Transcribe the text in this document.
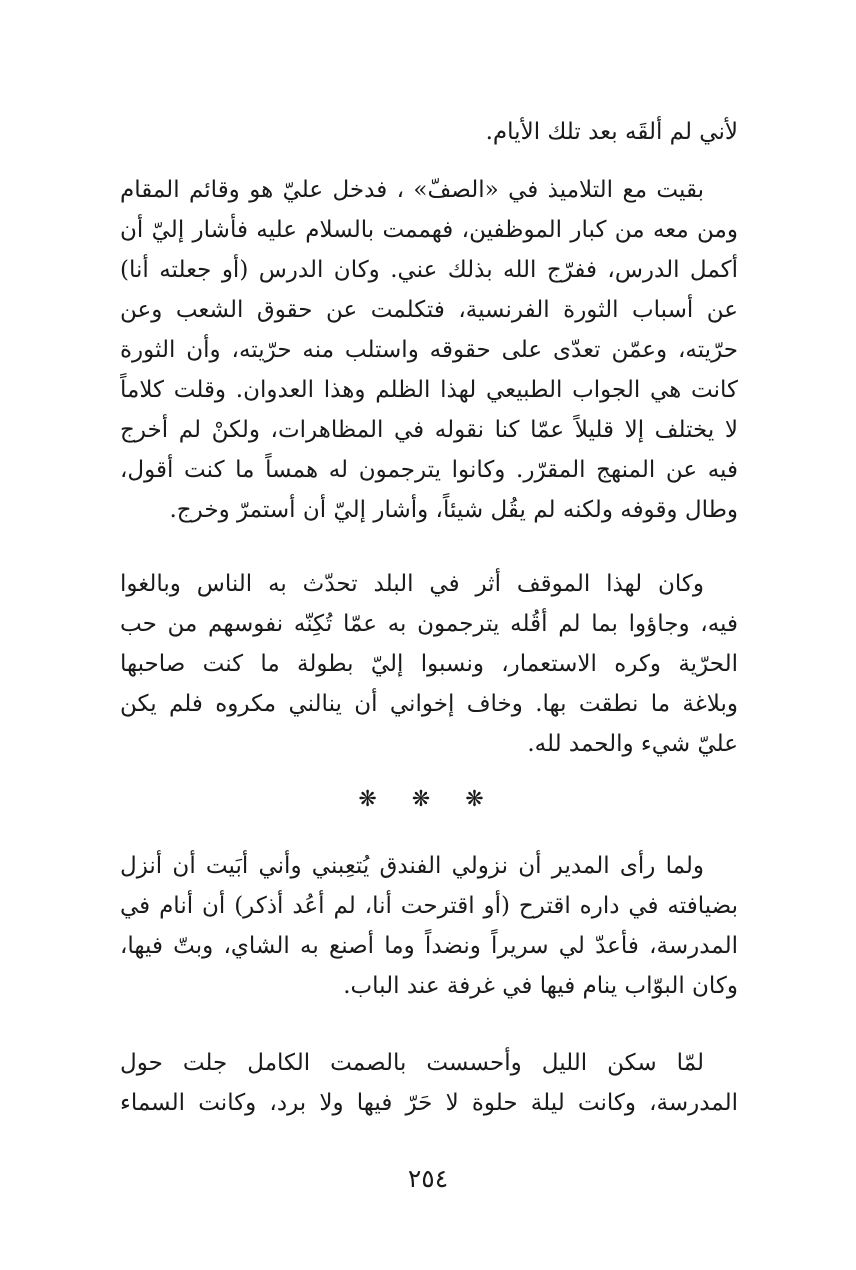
لأني لم ألقَه بعد تلك الأيام.
بقيت مع التلاميذ في «الصفّ» ، فدخل عليّ هو وقائم المقام
ومن معه من كبار الموظفين، فهممت بالسلام عليه فأشار إليّ أن
أكمل الدرس، ففرّج الله بذلك عني. وكان الدرس (أو جعلته أنا)
عن أسباب الثورة الفرنسية، فتكلمت عن حقوق الشعب وعن
حرّيته، وعمّن تعدّى على حقوقه واستلب منه حرّيته، وأن الثورة
كانت هي الجواب الطبيعي لهذا الظلم وهذا العدوان. وقلت كلاماً
لا يختلف إلا قليلاً عمّا كنا نقوله في المظاهرات، ولكنْ لم أخرج
فيه عن المنهج المقرّر. وكانوا يترجمون له همساً ما كنت أقول،
وطال وقوفه ولكنه لم يقُل شيئاً، وأشار إليّ أن أستمرّ وخرج.
وكان لهذا الموقف أثر في البلد تحدّث به الناس وبالغوا
فيه، وجاؤوا بما لم أقُله يترجمون به عمّا تُكِنّه نفوسهم من حب
الحرّية وكره الاستعمار، ونسبوا إليّ بطولة ما كنت صاحبها
وبلاغة ما نطقت بها. وخاف إخواني أن ينالني مكروه فلم يكن
عليّ شيء والحمد لله.
❋ ❋ ❋
ولما رأى المدير أن نزولي الفندق يُتعِبني وأني أبَيت أن أنزل
بضيافته في داره اقترح (أو اقترحت أنا، لم أعُد أذكر) أن أنام في
المدرسة، فأعدّ لي سريراً ونضداً وما أصنع به الشاي، وبتّ فيها،
وكان البوّاب ينام فيها في غرفة عند الباب.
لمّا سكن الليل وأحسست بالصمت الكامل جلت حول
المدرسة، وكانت ليلة حلوة لا حَرّ فيها ولا برد، وكانت السماء
٢٥٤
